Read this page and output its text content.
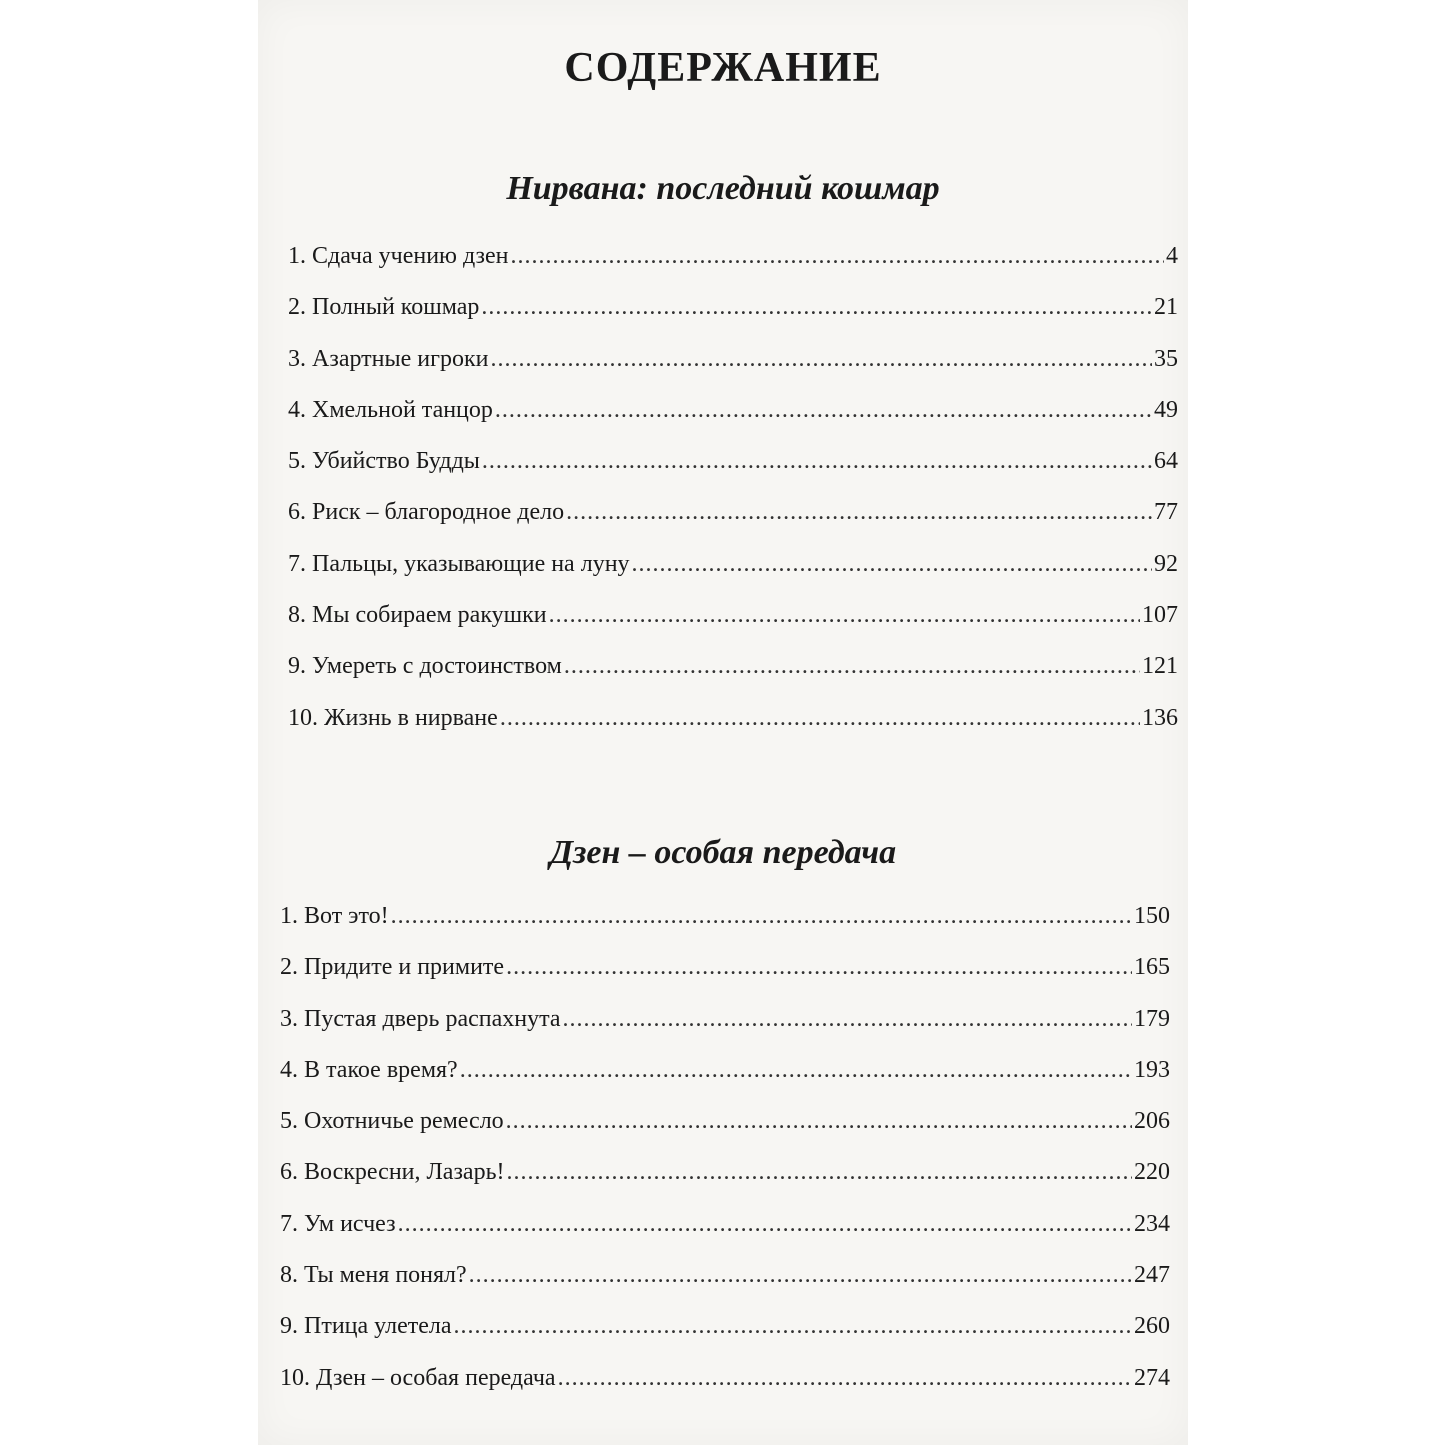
СОДЕРЖАНИЕ
Нирвана: последний кошмар
1. Сдача учению дзен .....	4
2. Полный кошмар .....	21
3. Азартные игроки .....	35
4. Хмельной танцор .....	49
5. Убийство Будды .....	64
6. Риск – благородное дело .....	77
7. Пальцы, указывающие на луну .....	92
8. Мы собираем ракушки .....	107
9. Умереть с достоинством .....	121
10. Жизнь в нирване .....	136
Дзен – особая передача
1. Вот это! .....	150
2. Придите и примите .....	165
3. Пустая дверь распахнута .....	179
4. В такое время? .....	193
5. Охотничье ремесло .....	206
6. Воскресни, Лазарь! .....	220
7. Ум исчез .....	234
8. Ты меня понял? .....	247
9. Птица улетела .....	260
10. Дзен – особая передача .....	274
